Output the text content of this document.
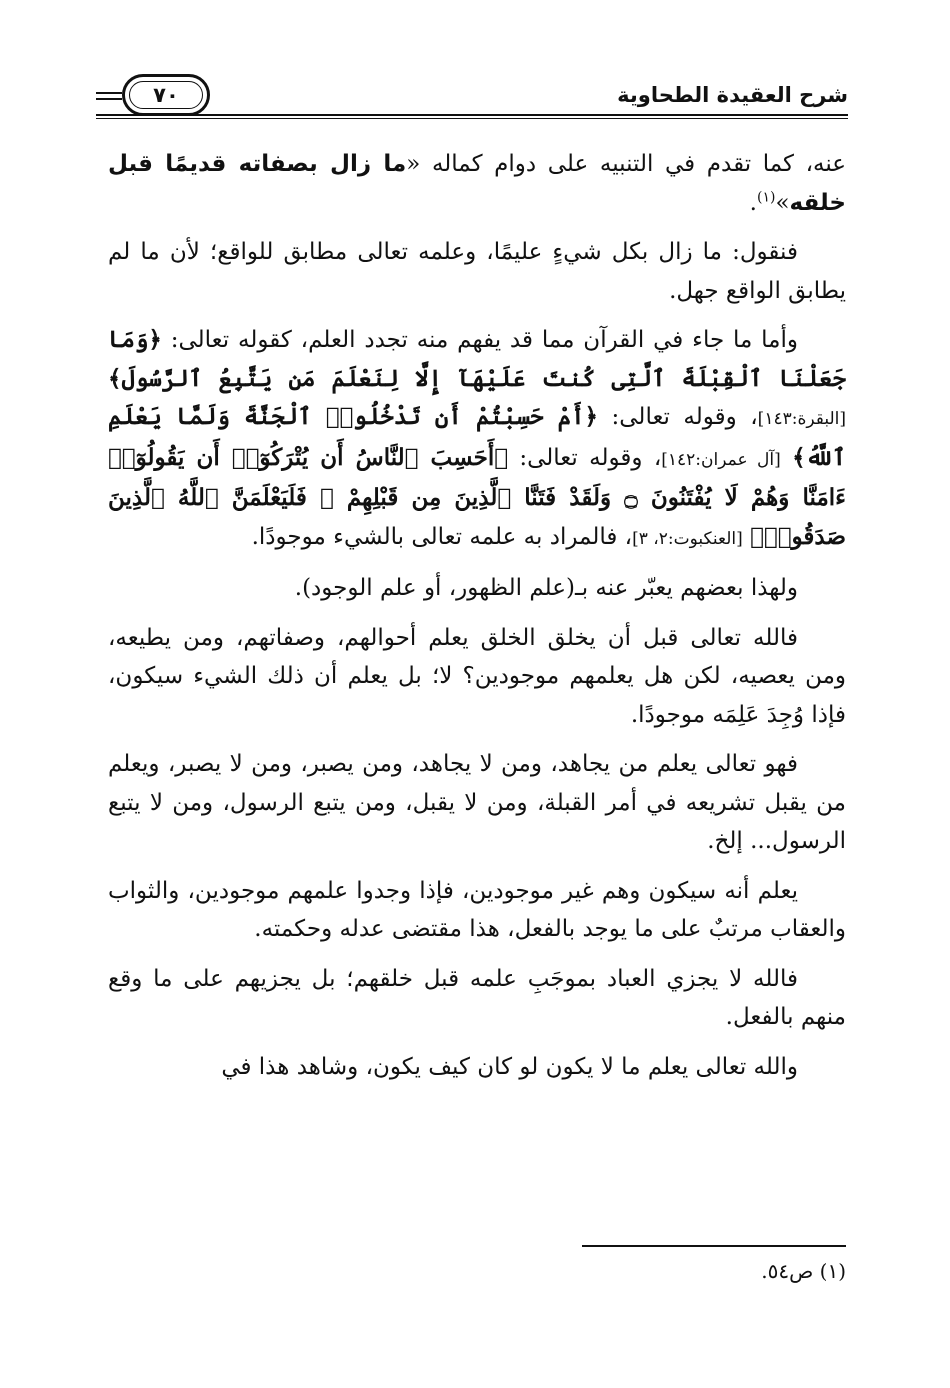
شرح العقيدة الطحاوية
٧٠

عنه، كما تقدم في التنبيه على دوام كماله «ما زال بصفاته قديمًا قبل خلقه»$^{(١)}$.

فنقول: ما زال بكل شيءٍ عليمًا، وعلمه تعالى مطابق للواقع؛ لأن ما لم يطابق الواقع جهل.

وأما ما جاء في القرآن مما قد يفهم منه تجدد العلم، كقوله تعالى: ﴿وَمَا جَعَلْنَا ٱلْقِبْلَةَ ٱلَّتِى كُنتَ عَلَيْهَآ إِلَّا لِنَعْلَمَ مَن يَتَّبِعُ ٱلرَّسُولَ﴾ [البقرة:١٤٣]، وقوله تعالى: ﴿أَمْ حَسِبْتُمْ أَن تَدْخُلُوا۟ ٱلْجَنَّةَ وَلَمَّا يَعْلَمِ ٱللَّهُ﴾ [آل عمران:١٤٢]، وقوله تعالى: ﴿أَحَسِبَ ٱلنَّاسُ أَن يُتْرَكُوٓا۟ أَن يَقُولُوٓا۟ ءَامَنَّا وَهُمْ لَا يُفْتَنُونَ ۝ وَلَقَدْ فَتَنَّا ٱلَّذِينَ مِن قَبْلِهِمْ ۖ فَلَيَعْلَمَنَّ ٱللَّهُ ٱلَّذِينَ صَدَقُوا۟﴾ [العنكبوت:٢، ٣]، فالمراد به علمه تعالى بالشيء موجودًا.

ولهذا بعضهم يعبّر عنه بـ(علم الظهور، أو علم الوجود).

فالله تعالى قبل أن يخلق الخلق يعلم أحوالهم، وصفاتهم، ومن يطيعه، ومن يعصيه، لكن هل يعلمهم موجودين؟ لا؛ بل يعلم أن ذلك الشيء سيكون، فإذا وُجِدَ عَلِمَه موجودًا.

فهو تعالى يعلم من يجاهد، ومن لا يجاهد، ومن يصبر، ومن لا يصبر، ويعلم من يقبل تشريعه في أمر القبلة، ومن لا يقبل، ومن يتبع الرسول، ومن لا يتبع الرسول... إلخ.

يعلم أنه سيكون وهم غير موجودين، فإذا وجدوا علمهم موجودين، والثواب والعقاب مرتبٌ على ما يوجد بالفعل، هذا مقتضى عدله وحكمته.

فالله لا يجزي العباد بموجَبِ علمه قبل خلقهم؛ بل يجزيهم على ما وقع منهم بالفعل.

والله تعالى يعلم ما لا يكون لو كان كيف يكون، وشاهد هذا في

(١) ص٥٤.
